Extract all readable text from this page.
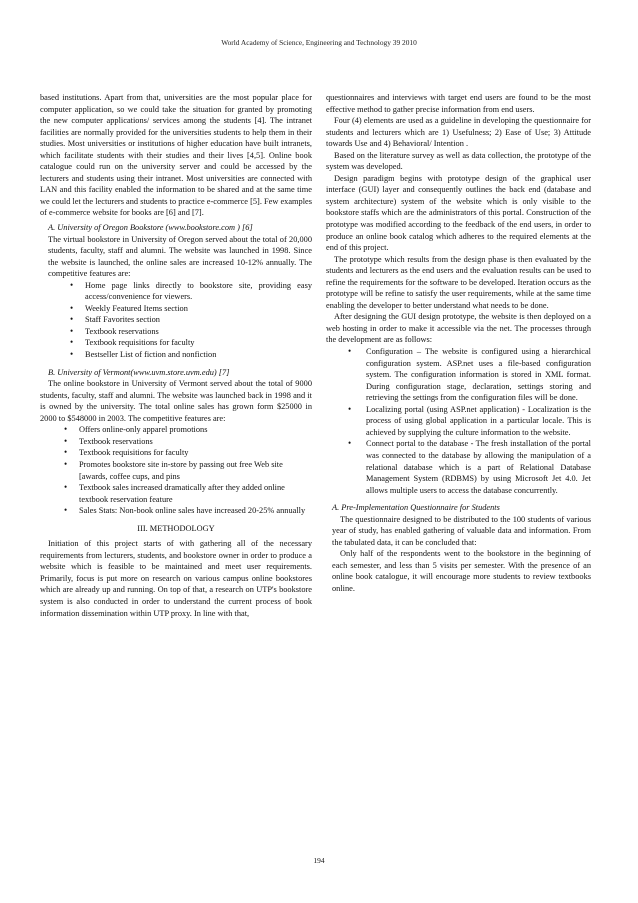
World Academy of Science, Engineering and Technology 39 2010

based institutions. Apart from that, universities are the most popular place for computer application, so we could take the situation for granted by promoting the new computer applications/ services among the students [4]. The intranet facilities are normally provided for the universities students to help them in their studies. Most universities or institutions of higher education have built intranets, which facilitate students with their studies and their lives [4,5]. Online book catalogue could run on the university server and could be accessed by the lecturers and students using their intranet. Most universities are connected with LAN and this facility enabled the information to be shared and at the same time we could let the lecturers and students to practice e-commerce [5]. Few examples of e-commerce website for books are [6] and [7].

A. University of Oregon Bookstore (www.bookstore.com ) [6]

The virtual bookstore in University of Oregon served about the total of 20,000 students, faculty, staff and alumni. The website was launched in 1998. Since the website is launched, the online sales are increased 10-12% annually. The competitive features are:

• Home page links directly to bookstore site, providing easy access/convenience for viewers.
• Weekly Featured Items section
• Staff Favorites section
• Textbook reservations
• Textbook requisitions for faculty
• Bestseller List of fiction and nonfiction

B. University of Vermont(www.uvm.store.uvm.edu) [7]

The online bookstore in University of Vermont served about the total of 9000 students, faculty, staff and alumni. The website was launched back in 1998 and it is owned by the university. The total online sales has grown form $25000 in 2000 to $548000 in 2003. The competitive features are:

• Offers online-only apparel promotions
• Textbook reservations
• Textbook requisitions for faculty
• Promotes bookstore site in-store by passing out free Web site [awards, coffee cups, and pins
• Textbook sales increased dramatically after they added online textbook reservation feature
• Sales Stats: Non-book online sales have increased 20-25% annually

III. METHODOLOGY

Initiation of this project starts of with gathering all of the necessary requirements from lecturers, students, and bookstore owner in order to produce a website which is feasible to be maintained and meet user requirements. Primarily, focus is put more on research on various campus online bookstores which are already up and running. On top of that, a research on UTP's bookstore system is also conducted in order to understand the current process of book information dissemination within UTP proxy. In line with that,

questionnaires and interviews with target end users are found to be the most effective method to gather precise information from end users.

Four (4) elements are used as a guideline in developing the questionnaire for students and lecturers which are 1) Usefulness; 2) Ease of Use; 3) Attitude towards Use and 4) Behavioral/ Intention .

Based on the literature survey as well as data collection, the prototype of the system was developed.

Design paradigm begins with prototype design of the graphical user interface (GUI) layer and consequently outlines the back end (database and system architecture) system of the website which is only visible to the bookstore staffs which are the administrators of this portal. Construction of the prototype was modified according to the feedback of the end users, in order to produce an online book catalog which adheres to the required elements at the end of this project.

The prototype which results from the design phase is then evaluated by the students and lecturers as the end users and the evaluation results can be used to refine the requirements for the software to be developed. Iteration occurs as the prototype will be refine to satisfy the user requirements, while at the same time enabling the developer to better understand what needs to be done.

After designing the GUI design prototype, the website is then deployed on a web hosting in order to make it accessible via the net. The processes through the development are as follows:

• Configuration – The website is configured using a hierarchical configuration system. ASP.net uses a file-based configuration system. The configuration information is stored in XML format. During configuration stage, declaration, settings storing and retrieving the settings from the configuration files will be done.
• Localizing portal (using ASP.net application) - Localization is the process of using global application in a particular locale. This is achieved by supplying the culture information to the website.
• Connect portal to the database - The fresh installation of the portal was connected to the database by allowing the manipulation of a relational database which is a part of Relational Database Management System (RDBMS) by using Microsoft Jet 4.0. Jet allows multiple users to access the database concurrently.

A. Pre-Implementation Questionnaire for Students

The questionnaire designed to be distributed to the 100 students of various year of study, has enabled gathering of valuable data and information. From the tabulated data, it can be concluded that:

Only half of the respondents went to the bookstore in the beginning of each semester, and less than 5 visits per semester. With the presence of an online book catalogue, it will encourage more students to review textbooks online.

194
